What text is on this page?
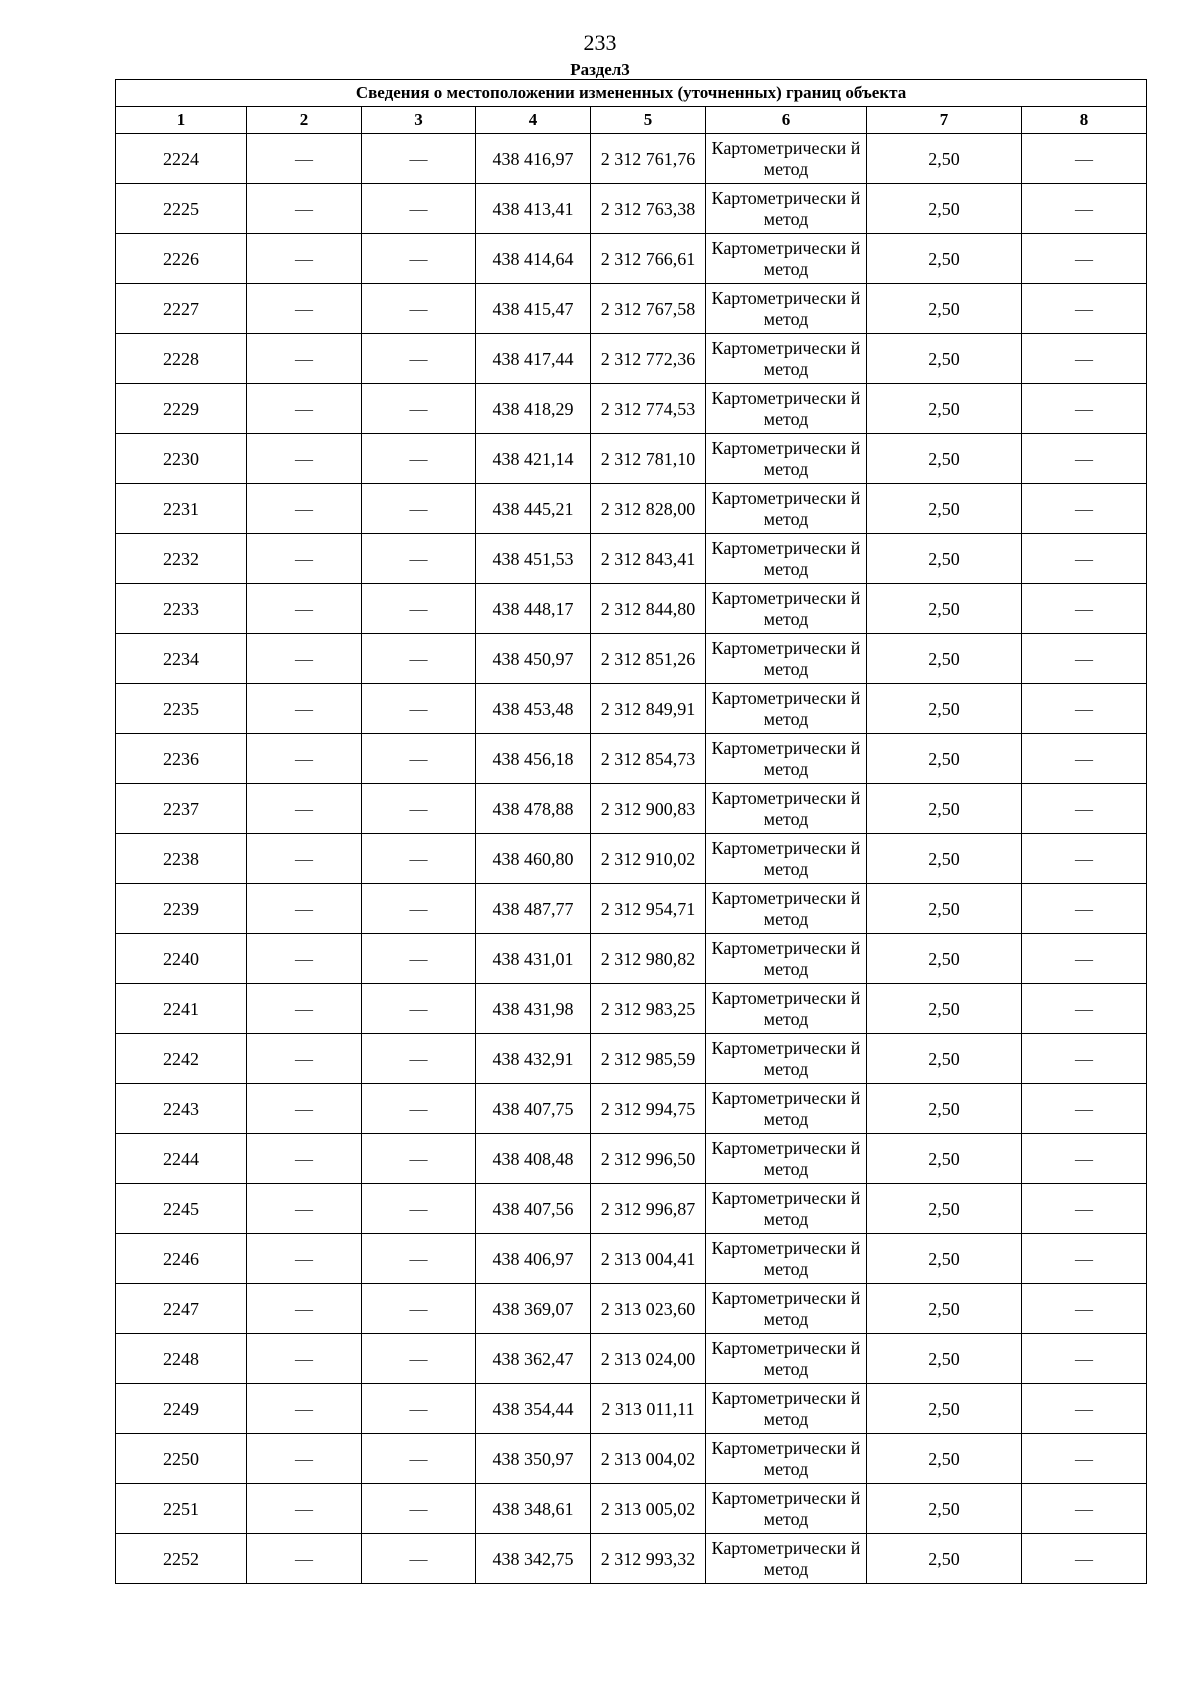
233
Раздел3
Сведения о местоположении измененных (уточненных) границ объекта							
1	2	3	4	5	6	7	8
2224	—	—	438 416,97	2 312 761,76	Картометрически й метод	2,50	—
2225	—	—	438 413,41	2 312 763,38	Картометрически й метод	2,50	—
2226	—	—	438 414,64	2 312 766,61	Картометрически й метод	2,50	—
2227	—	—	438 415,47	2 312 767,58	Картометрически й метод	2,50	—
2228	—	—	438 417,44	2 312 772,36	Картометрически й метод	2,50	—
2229	—	—	438 418,29	2 312 774,53	Картометрически й метод	2,50	—
2230	—	—	438 421,14	2 312 781,10	Картометрически й метод	2,50	—
2231	—	—	438 445,21	2 312 828,00	Картометрически й метод	2,50	—
2232	—	—	438 451,53	2 312 843,41	Картометрически й метод	2,50	—
2233	—	—	438 448,17	2 312 844,80	Картометрически й метод	2,50	—
2234	—	—	438 450,97	2 312 851,26	Картометрически й метод	2,50	—
2235	—	—	438 453,48	2 312 849,91	Картометрически й метод	2,50	—
2236	—	—	438 456,18	2 312 854,73	Картометрически й метод	2,50	—
2237	—	—	438 478,88	2 312 900,83	Картометрически й метод	2,50	—
2238	—	—	438 460,80	2 312 910,02	Картометрически й метод	2,50	—
2239	—	—	438 487,77	2 312 954,71	Картометрически й метод	2,50	—
2240	—	—	438 431,01	2 312 980,82	Картометрически й метод	2,50	—
2241	—	—	438 431,98	2 312 983,25	Картометрически й метод	2,50	—
2242	—	—	438 432,91	2 312 985,59	Картометрически й метод	2,50	—
2243	—	—	438 407,75	2 312 994,75	Картометрически й метод	2,50	—
2244	—	—	438 408,48	2 312 996,50	Картометрически й метод	2,50	—
2245	—	—	438 407,56	2 312 996,87	Картометрически й метод	2,50	—
2246	—	—	438 406,97	2 313 004,41	Картометрически й метод	2,50	—
2247	—	—	438 369,07	2 313 023,60	Картометрически й метод	2,50	—
2248	—	—	438 362,47	2 313 024,00	Картометрически й метод	2,50	—
2249	—	—	438 354,44	2 313 011,11	Картометрически й метод	2,50	—
2250	—	—	438 350,97	2 313 004,02	Картометрически й метод	2,50	—
2251	—	—	438 348,61	2 313 005,02	Картометрически й метод	2,50	—
2252	—	—	438 342,75	2 312 993,32	Картометрически й метод	2,50	—
